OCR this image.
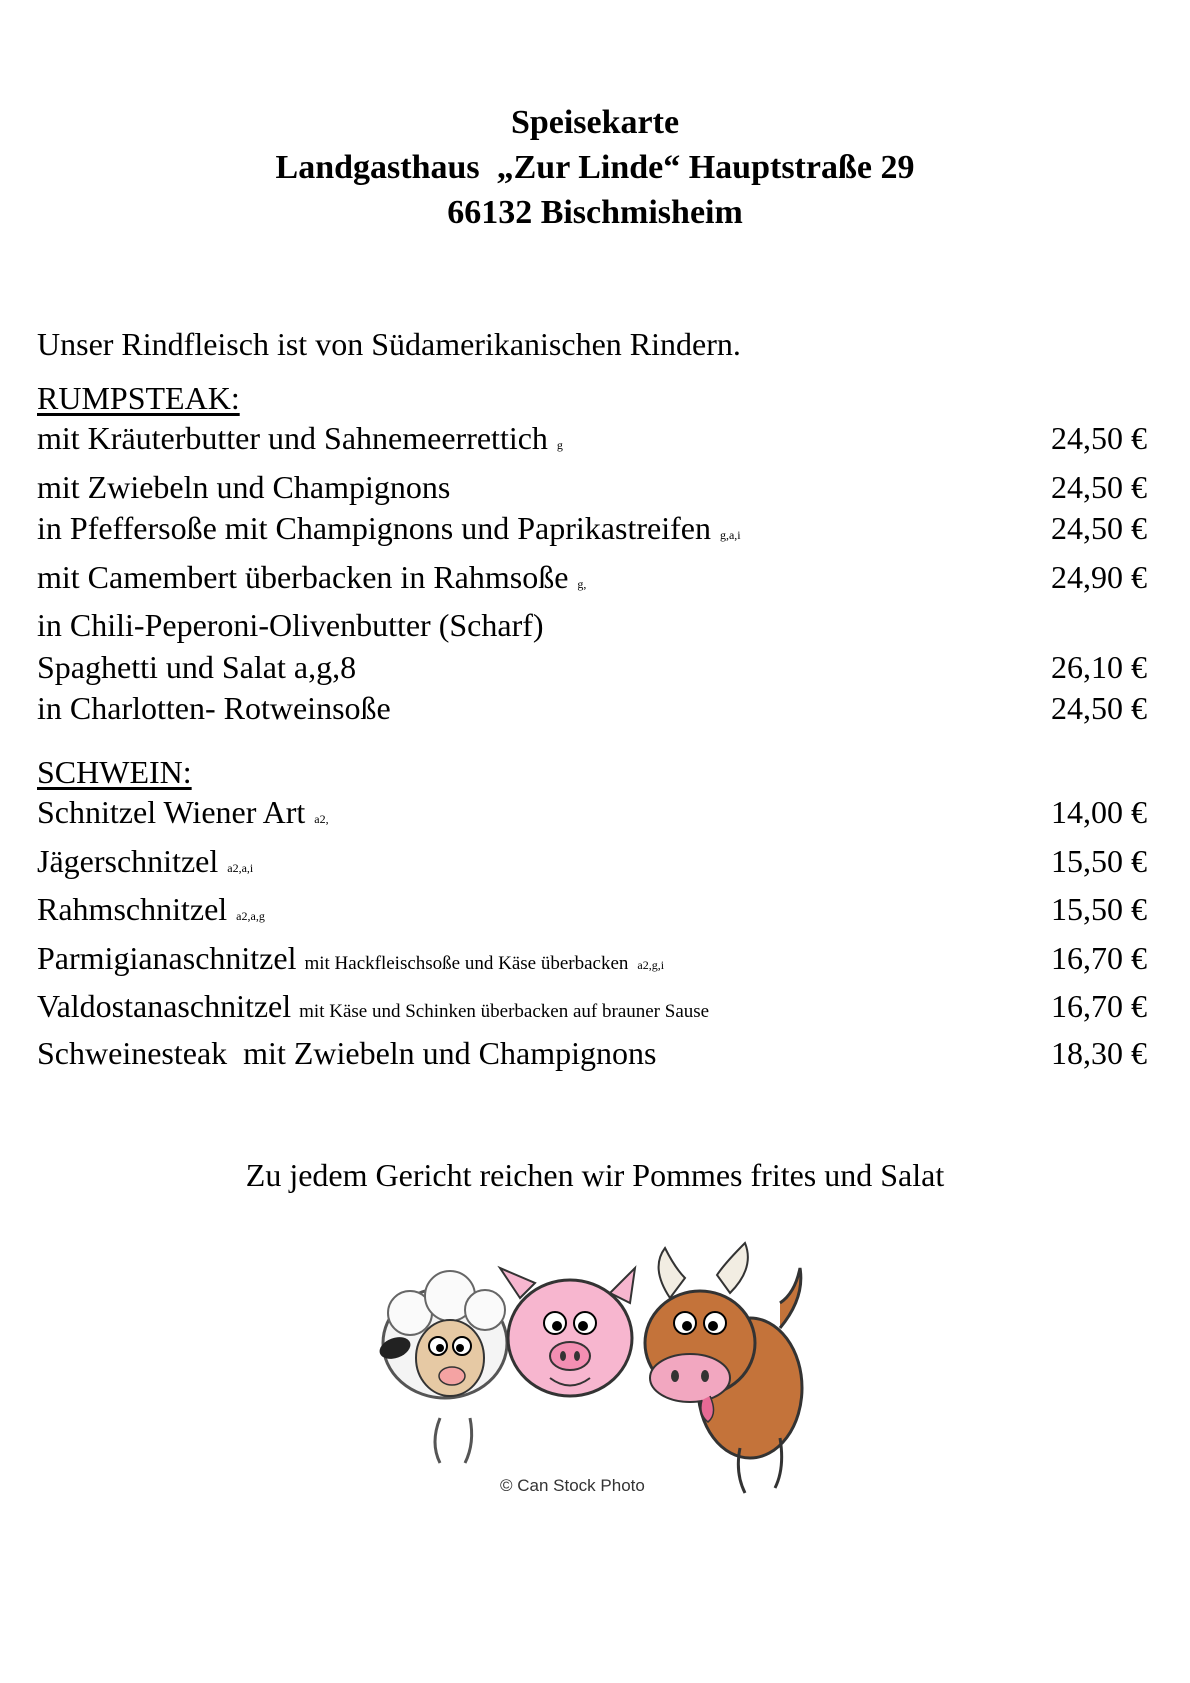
Speisekarte
Landgasthaus  „Zur Linde“ Hauptstraße 29
66132 Bischmisheim
Unser Rindfleisch ist von Südamerikanischen Rindern.
RUMPSTEAK:
mit Kräuterbutter und Sahnemeerrettich g	24,50 €
mit Zwiebeln und Champignons	24,50 €
in Pfeffersoße mit Champignons und Paprikastreifen g,a,i	24,50 €
mit Camembert überbacken in Rahmsoße g,	24,90 €
in Chili-Peperoni-Olivenbutter (Scharf)
Spaghetti und Salat a,g,8	26,10 €
in Charlotten- Rotweinsoße	24,50 €
SCHWEIN:
Schnitzel Wiener Art a2,	14,00 €
Jägerschnitzel a2,a,i	15,50 €
Rahmschnitzel a2,a,g	15,50 €
Parmigianaschnitzel mit Hackfleischsoße und Käse überbacken a2,g,i	16,70 €
Valdostanaschnitzel mit Käse und Schinken überbacken auf brauner Sause	16,70 €
Schweinesteak  mit Zwiebeln und Champignons	18,30 €
Zu jedem Gericht reichen wir Pommes frites und Salat
© Can Stock Photo
